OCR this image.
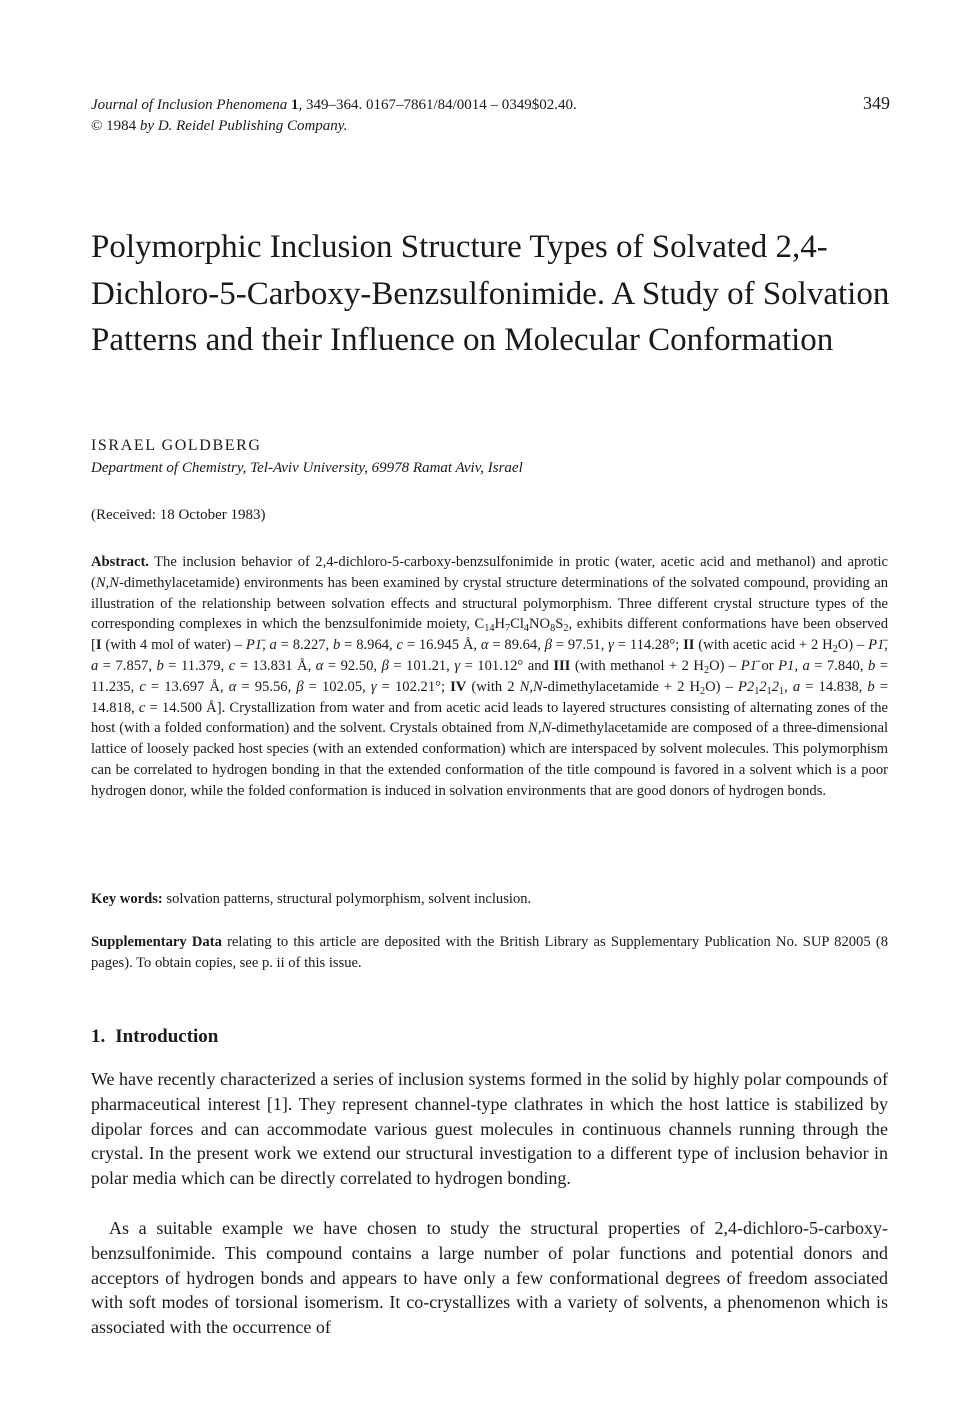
Journal of Inclusion Phenomena 1, 349–364. 0167–7861/84/0014 – 0349$02.40.
© 1984 by D. Reidel Publishing Company.
349
Polymorphic Inclusion Structure Types of Solvated 2,4-Dichloro-5-Carboxy-Benzsulfonimide. A Study of Solvation Patterns and their Influence on Molecular Conformation
ISRAEL GOLDBERG
Department of Chemistry, Tel-Aviv University, 69978 Ramat Aviv, Israel
(Received: 18 October 1983)

Abstract. The inclusion behavior of 2,4-dichloro-5-carboxy-benzsulfonimide in protic (water, acetic acid and methanol) and aprotic (N,N-dimethylacetamide) environments has been examined by crystal structure determinations of the solvated compound, providing an illustration of the relationship between solvation effects and structural polymorphism. Three different crystal structure types of the corresponding complexes in which the benzsulfonimide moiety, $C_{14}H_7Cl_4NO_8S_2$, exhibits different conformations have been observed [I (with 4 mol of water) – P1̄, a = 8.227, b = 8.964, c = 16.945 Å, α = 89.64, β = 97.51, γ = 114.28°; II (with acetic acid + 2 $H_2O$) – P1̄, a = 7.857, b = 11.379, c = 13.831 Å, α = 92.50, β = 101.21, γ = 101.12° and III (with methanol + 2 $H_2O$) – P1̄ or P1, a = 7.840, b = 11.235, c = 13.697 Å, α = 95.56, β = 102.05, γ = 102.21°; IV (with 2 N,N-dimethylacetamide + 2 $H_2O) - P2_12_12_1$, a = 14.838, b = 14.818, c = 14.500 Å]. Crystallization from water and from acetic acid leads to layered structures consisting of alternating zones of the host (with a folded conformation) and the solvent. Crystals obtained from N,N-dimethylacetamide are composed of a three-dimensional lattice of loosely packed host species (with an extended conformation) which are interspaced by solvent molecules. This polymorphism can be correlated to hydrogen bonding in that the extended conformation of the title compound is favored in a solvent which is a poor hydrogen donor, while the folded conformation is induced in solvation environments that are good donors of hydrogen bonds.

Key words: solvation patterns, structural polymorphism, solvent inclusion.
Supplementary Data relating to this article are deposited with the British Library as Supplementary Publication No. SUP 82005 (8 pages). To obtain copies, see p. ii of this issue.
1. Introduction

We have recently characterized a series of inclusion systems formed in the solid by highly polar compounds of pharmaceutical interest [1]. They represent channel-type clathrates in which the host lattice is stabilized by dipolar forces and can accommodate various guest molecules in continuous channels running through the crystal. In the present work we extend our structural investigation to a different type of inclusion behavior in polar media which can be directly correlated to hydrogen bonding.

As a suitable example we have chosen to study the structural properties of 2,4-dichloro-5-carboxy-benzsulfonimide. This compound contains a large number of polar functions and potential donors and acceptors of hydrogen bonds and appears to have only a few conformational degrees of freedom associated with soft modes of torsional isomerism. It co-crystallizes with a variety of solvents, a phenomenon which is associated with the occurrence of
